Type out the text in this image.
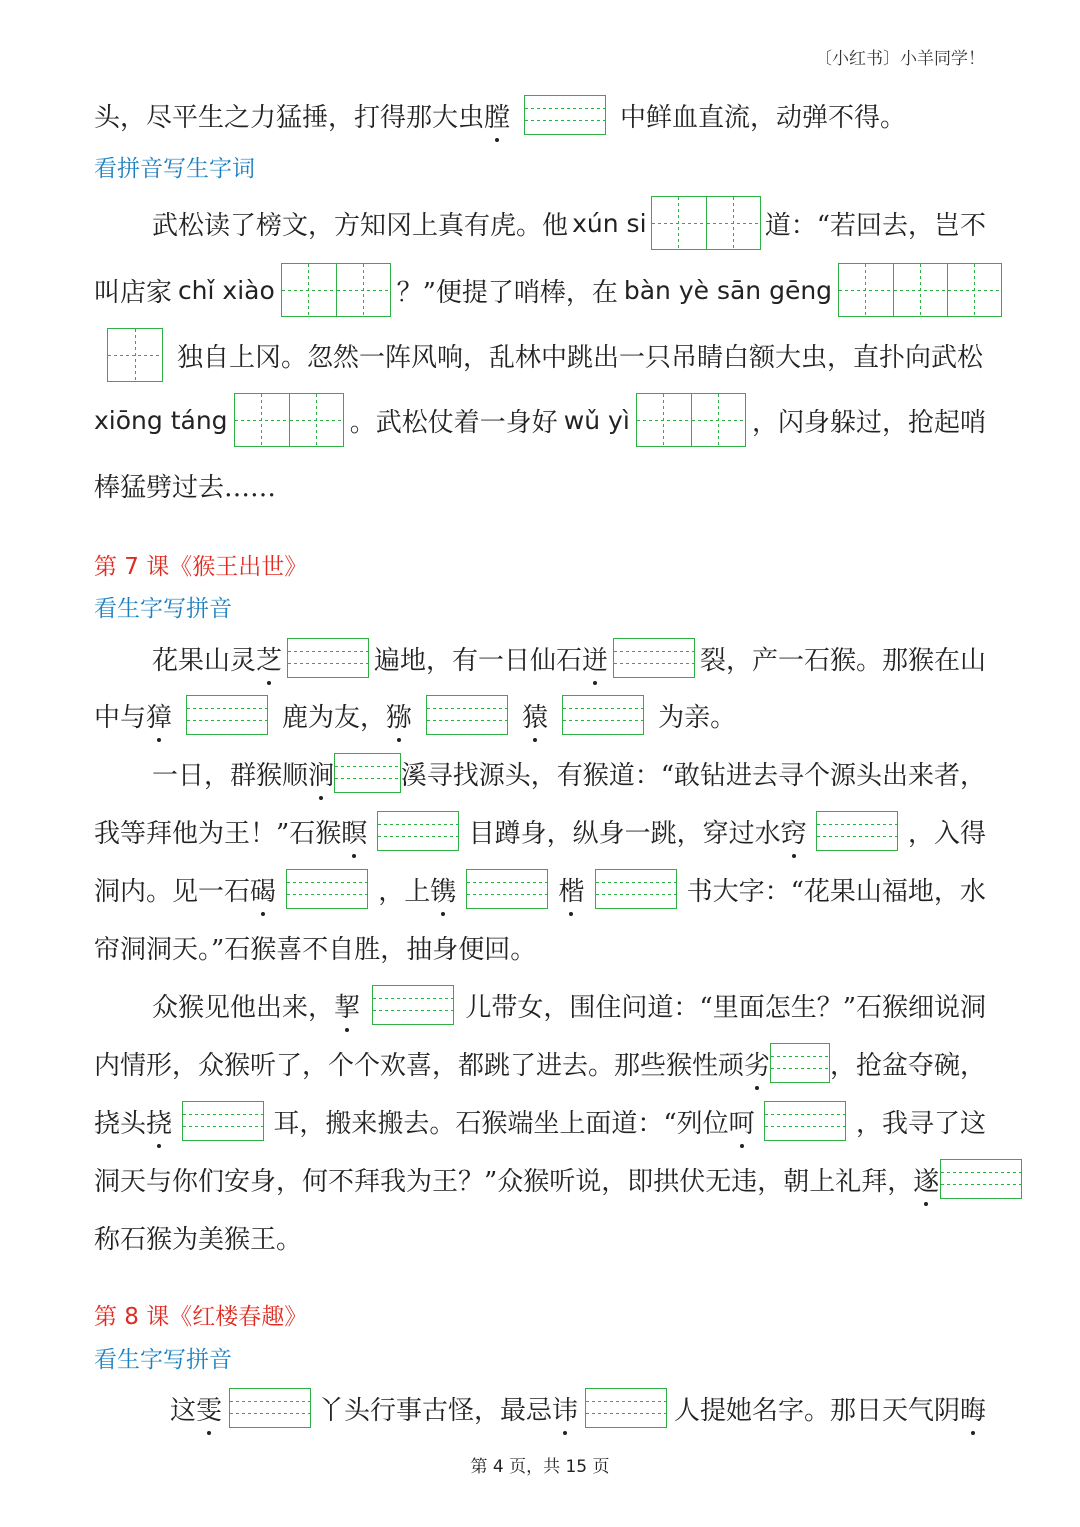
〔小红书〕小羊同学！
头，尽平生之力猛捶，打得那大虫 膛	中鲜血直流，动弹不得。
看拼音写生字词
武松读了榜文，方知冈上真有虎。他 xún si	道：“若回去，岂不
叫店家 chǐ xiào	？”便提了哨棒，在 bàn yè sān gēng
独自上冈。忽然一阵风响，乱林中跳出一只吊睛白额大虫，直扑向武松
xiōng táng	。武松仗着一身好 wǔ yì	，闪身躲过，抢起哨
棒猛劈过去……
第 7 课《猴王出世》
看生字写拼音
花果山灵芝	遍地，有一日仙石迸	裂，产一石猴。那猴在山
中与獐	鹿为友，猕	猿	为亲。
一日，群猴顺涧	溪寻找源头，有猴道：“敢钻进去寻个源头出来者，
我等拜他为王！”石猴瞑	目蹲身，纵身一跳，穿过水窍	，入得
洞内。见一石碣	，上镌	楷	书大字：“花果山福地，水
帘洞洞天。”石猴喜不自胜，抽身便回。
众猴见他出来，挈	儿带女，围住问道：“里面怎生？”石猴细说洞
内情形，众猴听了，个个欢喜，都跳了进去。那些猴性顽劣 ，抢盆夺碗，
挠头挠	耳，搬来搬去。石猴端坐上面道：“列位呵	，我寻了这
洞天与你们安身，何不拜我为王？”众猴听说，即拱伏无违，朝上礼拜，遂
称石猴为美猴王。
第 8 课《红楼春趣》
看生字写拼音
这雯	丫头行事古怪，最忌讳	人提她名字。那日天气阴晦
第 4 页，共 15 页
